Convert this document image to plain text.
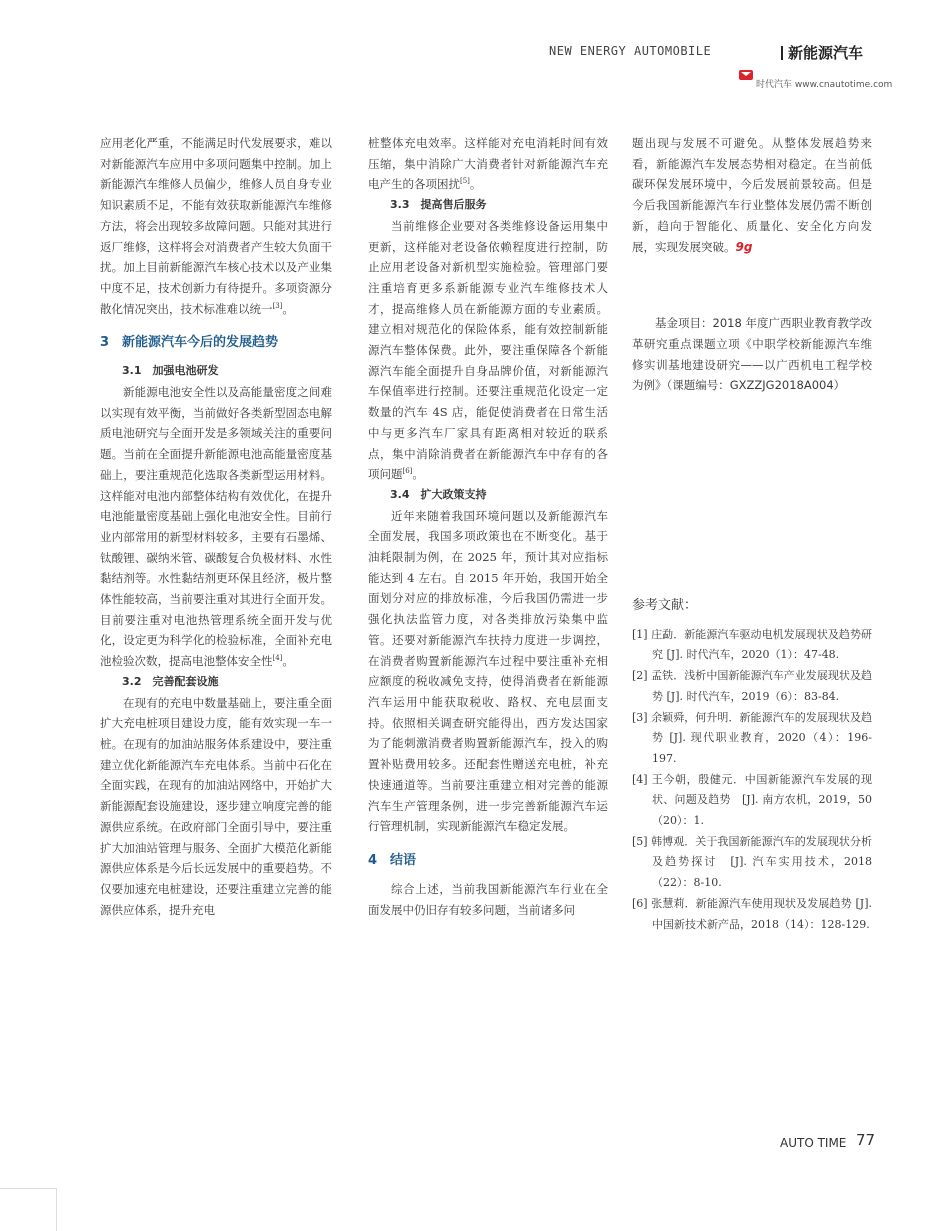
NEW ENERGY AUTOMOBILE	新能源汽车
时代汽车 www.cnautotime.com

应用老化严重，不能满足时代发展要求，难以对新能源汽车应用中多项问题集中控制。加上新能源汽车维修人员偏少，维修人员自身专业知识素质不足，不能有效获取新能源汽车维修方法，将会出现较多故障问题。只能对其进行返厂维修，这样将会对消费者产生较大负面干扰。加上目前新能源汽车核心技术以及产业集中度不足，技术创新力有待提升。多项资源分散化情况突出，技术标准难以统一[3]。

3　新能源汽车今后的发展趋势
3.1　加强电池研发

新能源电池安全性以及高能量密度之间难以实现有效平衡，当前做好各类新型固态电解质电池研究与全面开发是多领域关注的重要问题。当前在全面提升新能源电池高能量密度基础上，要注重规范化选取各类新型运用材料。这样能对电池内部整体结构有效优化，在提升电池能量密度基础上强化电池安全性。目前行业内部常用的新型材料较多，主要有石墨烯、钛酸锂、碳纳米管、碳酸复合负极材料、水性黏结剂等。水性黏结剂更环保且经济，极片整体性能较高，当前要注重对其进行全面开发。目前要注重对电池热管理系统全面开发与优化，设定更为科学化的检验标准，全面补充电池检验次数，提高电池整体安全性[4]。

3.2　完善配套设施

在现有的充电中数量基础上，要注重全面扩大充电桩项目建设力度，能有效实现一车一桩。在现有的加油站服务体系建设中，要注重建立优化新能源汽车充电体系。当前中石化在全面实践，在现有的加油站网络中，开始扩大新能源配套设施建设，逐步建立响度完善的能源供应系统。在政府部门全面引导中，要注重扩大加油站管理与服务、全面扩大模范化新能源供应体系是今后长远发展中的重要趋势。不仅要加速充电桩建设，还要注重建立完善的能源供应体系，提升充电

桩整体充电效率。这样能对充电消耗时间有效压缩，集中消除广大消费者针对新能源汽车充电产生的各项困扰[5]。

3.3　提高售后服务

当前维修企业要对各类维修设备运用集中更新，这样能对老设备依赖程度进行控制，防止应用老设备对新机型实施检验。管理部门要注重培育更多系新能源专业汽车维修技术人才，提高维修人员在新能源方面的专业素质。建立相对规范化的保险体系，能有效控制新能源汽车整体保费。此外，要注重保障各个新能源汽车能全面提升自身品牌价值，对新能源汽车保值率进行控制。还要注重规范化设定一定数量的汽车 4S 店，能促使消费者在日常生活中与更多汽车厂家具有距离相对较近的联系点，集中消除消费者在新能源汽车中存有的各项问题[6]。

3.4　扩大政策支持

近年来随着我国环境问题以及新能源汽车全面发展，我国多项政策也在不断变化。基于油耗限制为例，在 2025 年，预计其对应指标能达到 4 左右。自 2015 年开始，我国开始全面划分对应的排放标准，今后我国仍需进一步强化执法监管力度，对各类排放污染集中监管。还要对新能源汽车扶持力度进一步调控，在消费者购置新能源汽车过程中要注重补充相应额度的税收减免支持，使得消费者在新能源汽车运用中能获取税收、路权、充电层面支持。依照相关调查研究能得出，西方发达国家为了能刺激消费者购置新能源汽车，投入的购置补贴费用较多。还配套性赠送充电桩，补充快速通道等。当前要注重建立相对完善的能源汽车生产管理条例，进一步完善新能源汽车运行管理机制，实现新能源汽车稳定发展。

4　结语

综合上述，当前我国新能源汽车行业在全面发展中仍旧存有较多问题，当前诸多问

题出现与发展不可避免。从整体发展趋势来看，新能源汽车发展态势相对稳定。在当前低碳环保发展环境中，今后发展前景较高。但是今后我国新能源汽车行业整体发展仍需不断创新，趋向于智能化、质量化、安全化方向发展，实现发展突破。9g

基金项目：2018 年度广西职业教育教学改革研究重点课题立项《中职学校新能源汽车维修实训基地建设研究——以广西机电工程学校为例》（课题编号：GXZZJG2018A004）
参考文献：
[1] 庄勐．新能源汽车驱动电机发展现状及趋势研究 [J]. 时代汽车，2020（1）：47-48.
[2] 孟铁．浅析中国新能源汽车产业发展现状及趋势 [J]. 时代汽车，2019（6）：83-84.
[3] 余颖舜，何升明．新能源汽车的发展现状及趋势 [J]. 现代职业教育，2020（4）：196-197.
[4] 王今朝，殷健元．中国新能源汽车发展的现状、问题及趋势　[J]. 南方农机，2019，50（20）：1.
[5] 韩博观．关于我国新能源汽车的发展现状分析及趋势探讨　[J]. 汽车实用技术，2018（22）：8-10.
[6] 张慧莉．新能源汽车使用现状及发展趋势 [J]. 中国新技术新产品，2018（14）：128-129.
AUTO TIME 77
